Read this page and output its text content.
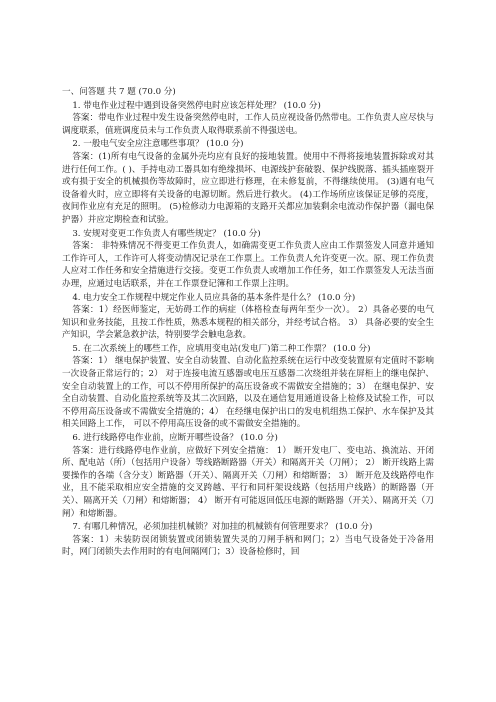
一、问答题 共 7 题 (70.0 分)

1. 带电作业过程中遇到设备突然停电时应该怎样处理？ (10.0 分)

答案：带电作业过程中发生设备突然停电时，工作人员应视设备仍然带电。工作负责人应尽快与调度联系，值班调度员未与工作负责人取得联系前不得强送电。

2. 一般电气安全应注意哪些事项？ (10.0 分)

答案：(1)所有电气设备的金属外壳均应有良好的接地装置。使用中不得将接地装置拆除或对其进行任何工作。( )、手持电动工器具如有绝缘损坏、电源线护套破裂、保护线脱落、插头插座裂开或有损于安全的机械损伤等故障时，应立即进行修理，在未修复前，不得继续使用。 (3)遇有电气设备着火时，应立即将有关设备的电源切断。然后进行救火。 (4)工作场所应该保证足够的亮度，夜间作业应有充足的照明。 (5)检修动力电源箱的支路开关都应加装剩余电流动作保护器（漏电保护器）并应定期检查和试验。

3. 安规对变更工作负责人有哪些规定？ (10.0 分)

答案： 非特殊情况不得变更工作负责人，如确需变更工作负责人应由工作票签发人同意并通知工作许可人，工作许可人将变动情况记录在工作票上。工作负责人允许变更一次。原、现工作负责人应对工作任务和安全措施进行交接。变更工作负责人或增加工作任务，如工作票签发人无法当面办理，应通过电话联系，并在工作票登记簿和工作票上注明。

4. 电力安全工作规程中规定作业人员应具备的基本条件是什么？ (10.0 分)

答案：1）经医师鉴定，无妨碍工作的病症（体格检查每两年至少一次）。 2）具备必要的电气知识和业务技能，且按工作性质，熟悉本规程的相关部分，并经考试合格。 3） 具备必要的安全生产知识，学会紧急救护法，特别要学会触电急救。

5. 在二次系统上的哪些工作，应填用变电站(发电厂)第二种工作票？ (10.0 分)

答案：1） 继电保护装置、安全自动装置、自动化监控系统在运行中改变装置原有定值时不影响一次设备正常运行的；2） 对于连接电流互感器或电压互感器二次绕组并装在屏柜上的继电保护、安全自动装置上的工作，可以不停用所保护的高压设备或不需做安全措施的；3） 在继电保护、安全自动装置、自动化监控系统等及其二次回路，以及在通信复用通道设备上检修及试验工作，可以不停用高压设备或不需做安全措施的；4） 在经继电保护出口的发电机组热工保护、水车保护及其相关回路上工作， 可以不停用高压设备的或不需做安全措施的。

6. 进行线路停电作业前，应断开哪些设备？ (10.0 分)

答案：进行线路停电作业前，应做好下列安全措施： 1） 断开发电厂、变电站、换流站、开闭所、配电站（所）（包括用户设备）等线路断路器（开关）和隔离开关（刀闸）； 2） 断开线路上需要操作的各端（含分支）断路器（开关）、隔离开关（刀闸）和熔断器； 3） 断开危及线路停电作业，且不能采取相应安全措施的交叉跨越、平行和同杆架设线路（包括用户线路）的断路器（开关）、隔离开关（刀闸）和熔断器； 4） 断开有可能返回低压电源的断路器（开关）、隔离开关（刀闸）和熔断器。

7. 有哪几种情况，必须加挂机械锁？对加挂的机械锁有何管理要求？ (10.0 分)

答案：1）未装防误闭锁装置或闭锁装置失灵的刀闸手柄和网门；2）当电气设备处于冷备用时，网门闭锁失去作用时的有电间隔网门；3）设备检修时，回
